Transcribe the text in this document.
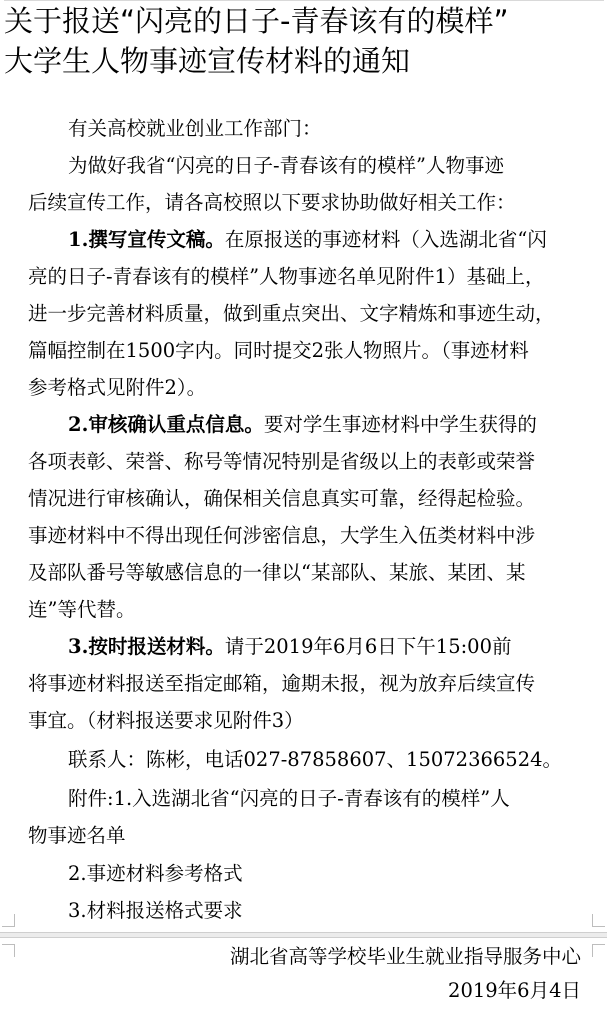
关于报送“闪亮的日子-青春该有的模样”
大学生人物事迹宣传材料的通知
有关高校就业创业工作部门：
为做好我省“闪亮的日子-青春该有的模样”人物事迹
后续宣传工作，请各高校照以下要求协助做好相关工作：
1.撰写宣传文稿。在原报送的事迹材料（入选湖北省“闪
亮的日子-青春该有的模样”人物事迹名单见附件1）基础上，
进一步完善材料质量，做到重点突出、文字精炼和事迹生动，
篇幅控制在1500字内。同时提交2张人物照片。（事迹材料
参考格式见附件2）。
2.审核确认重点信息。要对学生事迹材料中学生获得的
各项表彰、荣誉、称号等情况特别是省级以上的表彰或荣誉
情况进行审核确认，确保相关信息真实可靠，经得起检验。
事迹材料中不得出现任何涉密信息，大学生入伍类材料中涉
及部队番号等敏感信息的一律以“某部队、某旅、某团、某
连”等代替。
3.按时报送材料。请于2019年6月6日下午15:00前
将事迹材料报送至指定邮箱，逾期未报，视为放弃后续宣传
事宜。（材料报送要求见附件3）
联系人：陈彬，电话027-87858607、15072366524。
附件:1.入选湖北省“闪亮的日子-青春该有的模样”人
物事迹名单
2.事迹材料参考格式
3.材料报送格式要求
湖北省高等学校毕业生就业指导服务中心
2019年6月4日
